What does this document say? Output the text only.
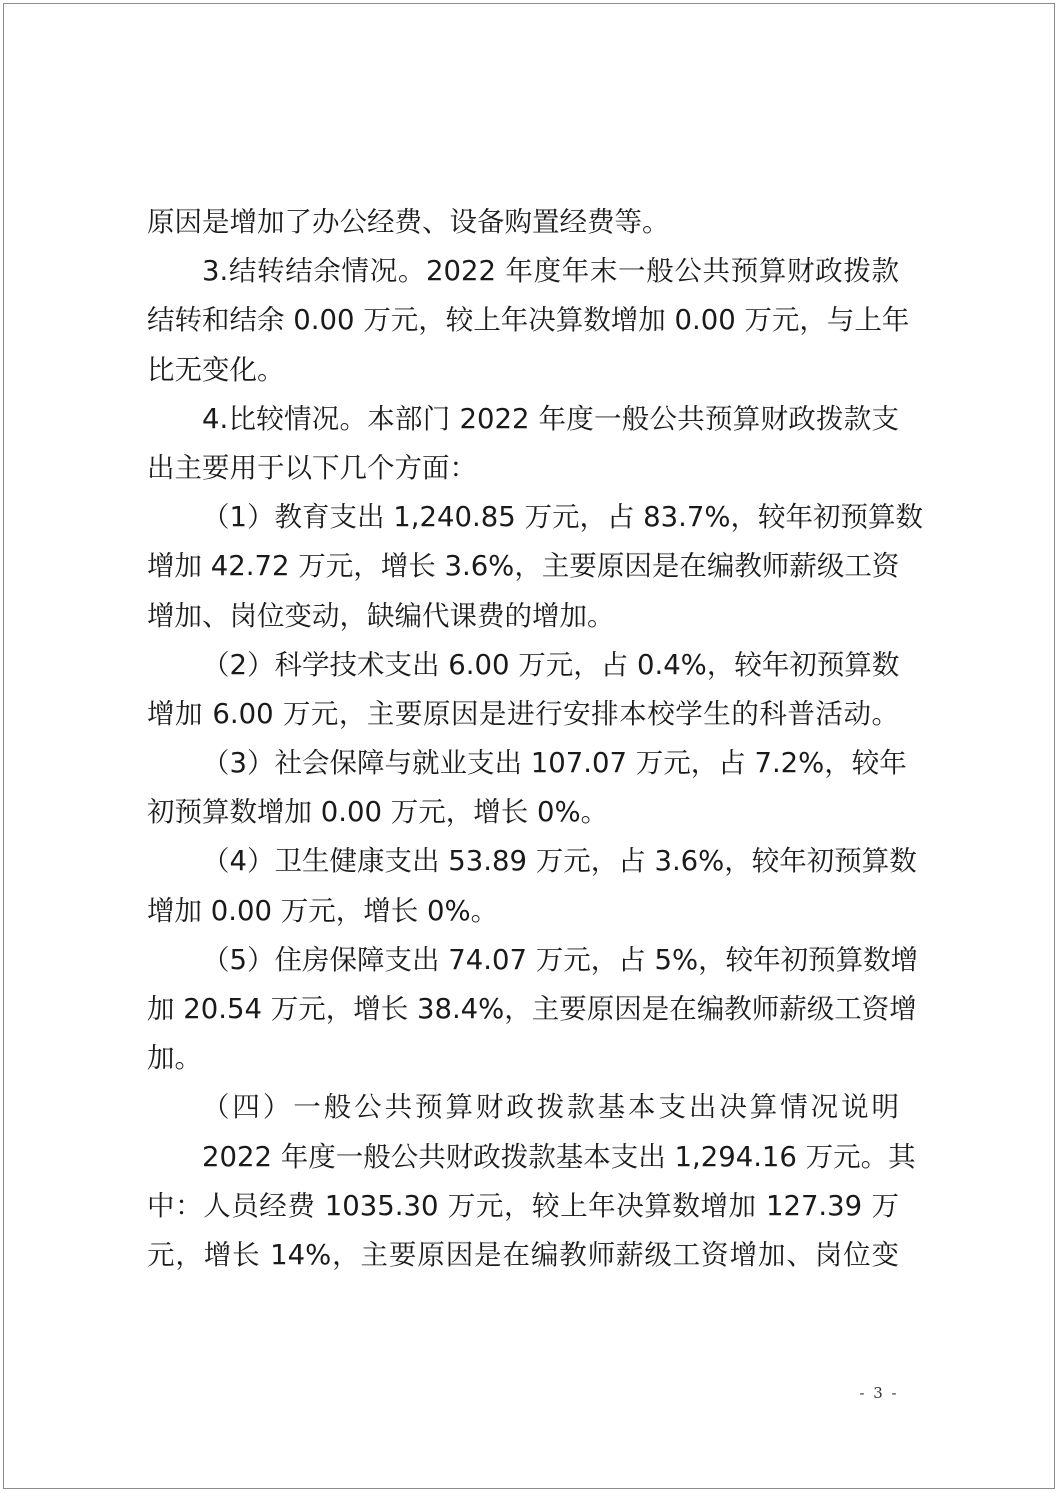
原因是增加了办公经费、设备购置经费等。
3.结转结余情况。2022 年度年末一般公共预算财政拨款
结转和结余 0.00 万元，较上年决算数增加 0.00 万元，与上年
比无变化。
4.比较情况。本部门 2022 年度一般公共预算财政拨款支
出主要用于以下几个方面：
（1）教育支出 1,240.85 万元，占 83.7%，较年初预算数
增加 42.72 万元，增长 3.6%，主要原因是在编教师薪级工资
增加、岗位变动，缺编代课费的增加。
（2）科学技术支出 6.00 万元，占 0.4%，较年初预算数
增加 6.00 万元，主要原因是进行安排本校学生的科普活动。
（3）社会保障与就业支出 107.07 万元，占 7.2%，较年
初预算数增加 0.00 万元，增长 0%。
（4）卫生健康支出 53.89 万元，占 3.6%，较年初预算数
增加 0.00 万元，增长 0%。
（5）住房保障支出 74.07 万元，占 5%，较年初预算数增
加 20.54 万元，增长 38.4%，主要原因是在编教师薪级工资增
加。
（四）一般公共预算财政拨款基本支出决算情况说明
2022 年度一般公共财政拨款基本支出 1,294.16 万元。其
中：人员经费 1035.30 万元，较上年决算数增加 127.39 万
元，增长 14%，主要原因是在编教师薪级工资增加、岗位变
- 3 -
